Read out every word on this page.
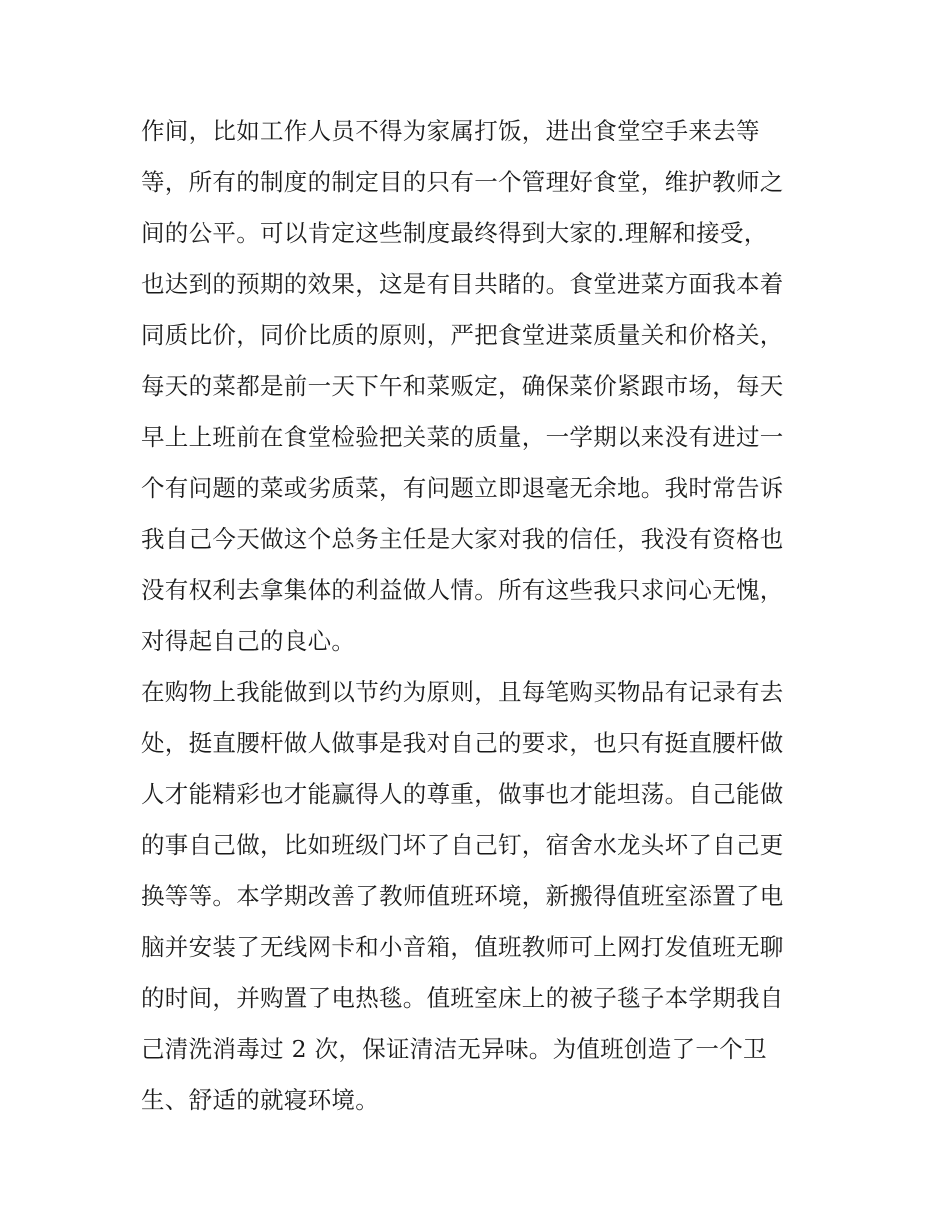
作间，比如工作人员不得为家属打饭，进出食堂空手来去等
等，所有的制度的制定目的只有一个管理好食堂，维护教师之
间的公平。可以肯定这些制度最终得到大家的.理解和接受，
也达到的预期的效果，这是有目共睹的。食堂进菜方面我本着
同质比价，同价比质的原则，严把食堂进菜质量关和价格关，
每天的菜都是前一天下午和菜贩定，确保菜价紧跟市场，每天
早上上班前在食堂检验把关菜的质量，一学期以来没有进过一
个有问题的菜或劣质菜，有问题立即退毫无余地。我时常告诉
我自己今天做这个总务主任是大家对我的信任，我没有资格也
没有权利去拿集体的利益做人情。所有这些我只求问心无愧，
对得起自己的良心。
在购物上我能做到以节约为原则，且每笔购买物品有记录有去
处，挺直腰杆做人做事是我对自己的要求，也只有挺直腰杆做
人才能精彩也才能赢得人的尊重，做事也才能坦荡。自己能做
的事自己做，比如班级门坏了自己钉，宿舍水龙头坏了自己更
换等等。本学期改善了教师值班环境，新搬得值班室添置了电
脑并安装了无线网卡和小音箱，值班教师可上网打发值班无聊
的时间，并购置了电热毯。值班室床上的被子毯子本学期我自
己清洗消毒过 2 次，保证清洁无异味。为值班创造了一个卫
生、舒适的就寝环境。
